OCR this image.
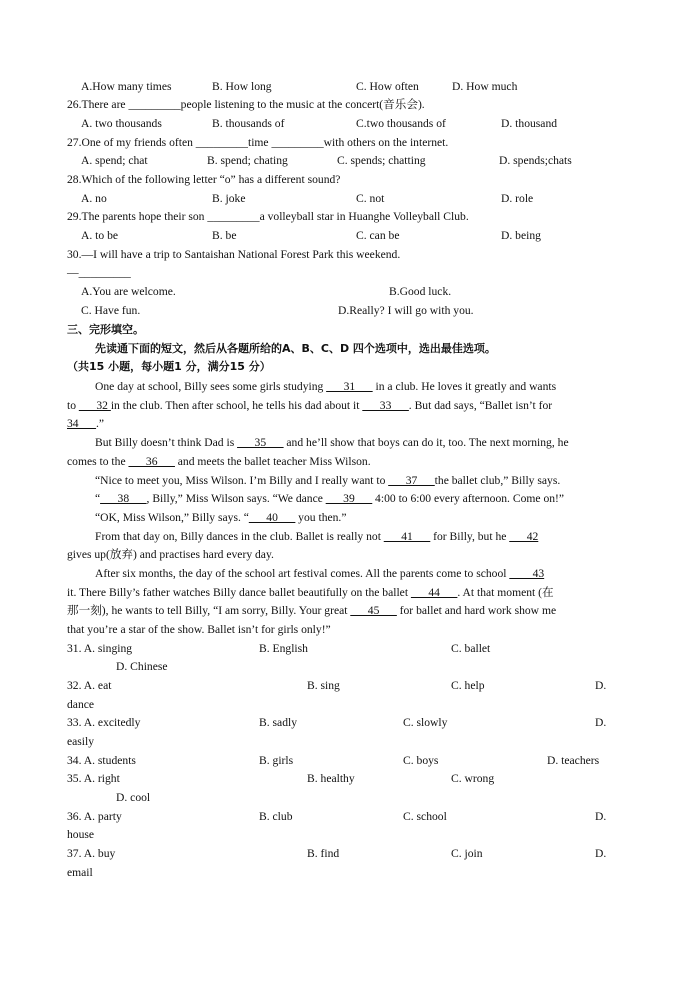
A.How many times	B. How long	C. How often	D. How much
26.There are _________people listening to the music at the concert(音乐会).
A. two thousands	B. thousands of	C.two thousands of	D. thousand
27.One of my friends often _________time _________with others on the internet.
A. spend; chat	B. spend; chating	C. spends; chatting	D. spends;chats
28.Which of the following letter “o” has a different sound?
A. no	B. joke	C. not	D. role
29.The parents hope their son _________a volleyball star in Huanghe Volleyball Club.
A. to be	B. be	C. can be	D. being
30.—I will have a trip to Santaishan National Forest Park this weekend.
—_________
A.You are welcome.	B.Good luck.
C. Have fun.	D.Really? I will go with you.
三、完形填空。
先读通下面的短文，然后从各题所给的A、B、C、D 四个选项中，选出最佳选项。
（共15 小题，每小题1 分，满分15 分）
One day at school, Billy sees some girls studying ___31___ in a club. He loves it greatly and wants
to ___32 in the club. Then after school, he tells his dad about it ___33___. But dad says, “Ballet isn’t for
34___.”
But Billy doesn’t think Dad is ___35___ and he’ll show that boys can do it, too. The next morning, he
comes to the ___36___ and meets the ballet teacher Miss Wilson.
“Nice to meet you, Miss Wilson. I’m Billy and I really want to ___37___the ballet club,” Billy says.
“___38___, Billy,” Miss Wilson says. “We dance ___39___ 4:00 to 6:00 every afternoon. Come on!”
“OK, Miss Wilson,” Billy says. “___40___ you then.”
From that day on, Billy dances in the club. Ballet is really not ___41___ for Billy, but he ___42
gives up(放弃) and practises hard every day.
After six months, the day of the school art festival comes. All the parents come to school ____43
it. There Billy’s father watches Billy dance ballet beautifully on the ballet ___44___. At that moment (在
那一刻), he wants to tell Billy, “I am sorry, Billy. Your great ___45___ for ballet and hard work show me
that you’re a star of the show. Ballet isn’t for girls only!”
31. A. singing	B. English	C. ballet
D. Chinese
32. A. eat	B. sing	C. help	D.
dance
33. A. excitedly	B. sadly	C. slowly	D.
easily
34. A. students	B. girls	C. boys	D. teachers
35. A. right	B. healthy	C. wrong
D. cool
36. A. party	B. club	C. school	D.
house
37. A. buy	B. find	C. join	D.
email
